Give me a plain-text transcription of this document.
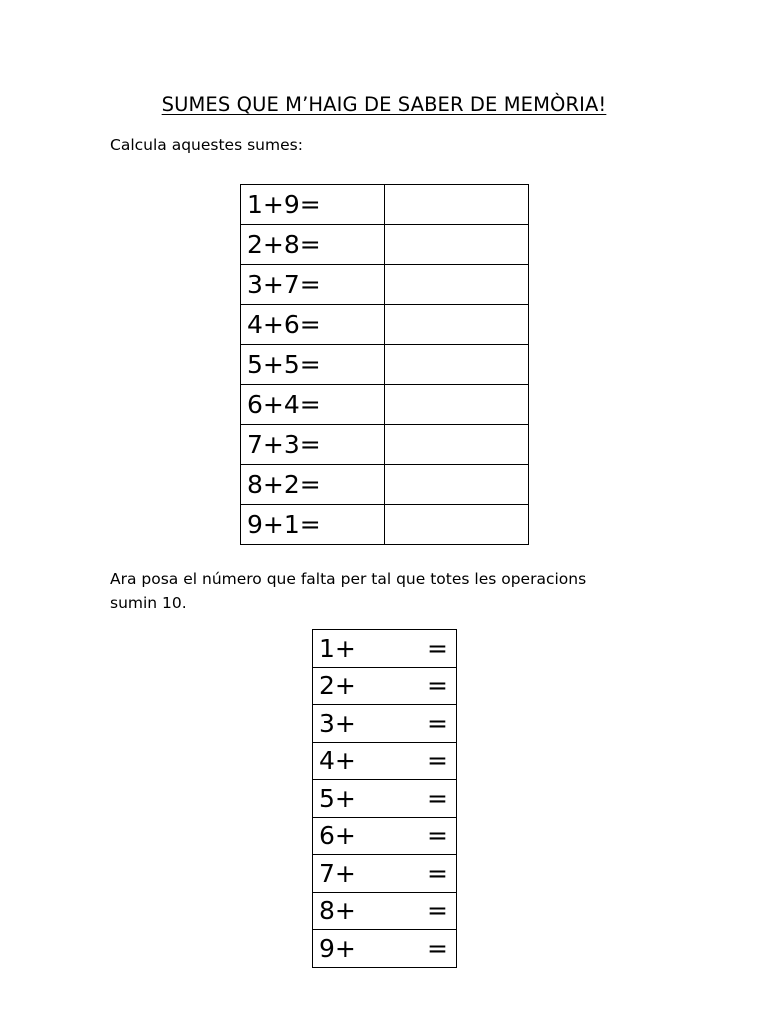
SUMES QUE M’HAIG DE SABER DE MEMÒRIA!
Calcula aquestes sumes:
1+9=	
2+8=	
3+7=	
4+6=	
5+5=	
6+4=	
7+3=	
8+2=	
9+1=	
Ara posa el número que falta per tal que totes les operacions sumin 10.
1+	=

2+	=

3+	=

4+	=

5+	=

6+	=

7+	=

8+	=

9+	=
